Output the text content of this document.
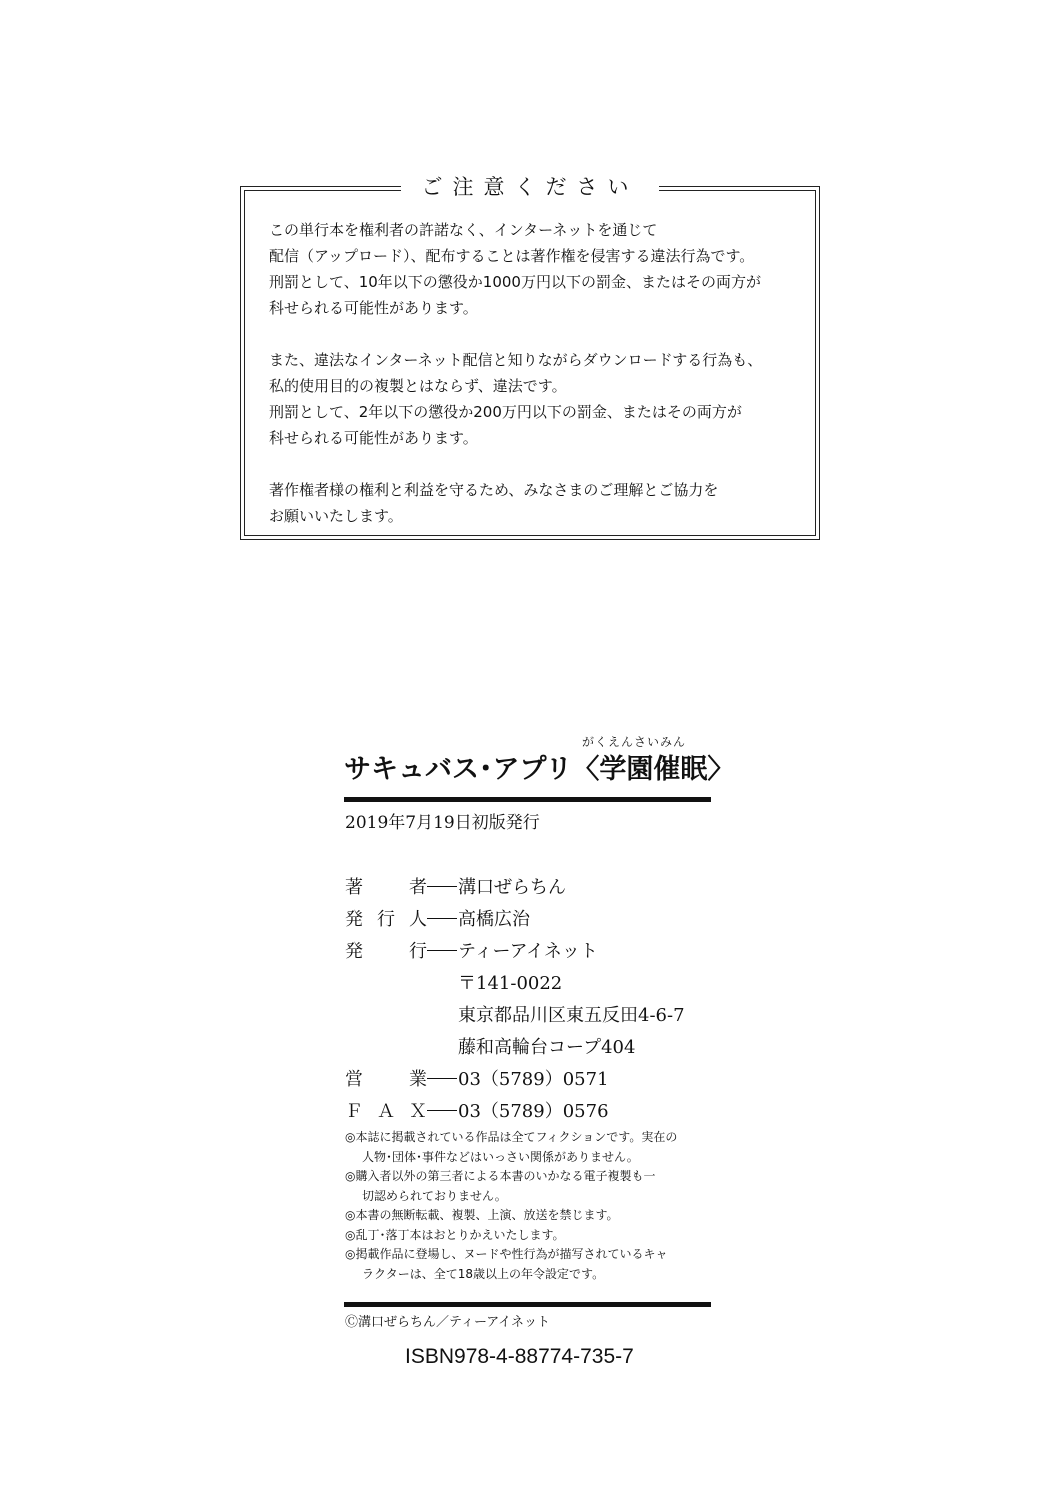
ご注意ください

この単行本を権利者の許諾なく、インターネットを通じて
配信（アップロード）、配布することは著作権を侵害する違法行為です。
刑罰として、10年以下の懲役か1000万円以下の罰金、またはその両方が
科せられる可能性があります。

また、違法なインターネット配信と知りながらダウンロードする行為も、
私的使用目的の複製とはならず、違法です。
刑罰として、2年以下の懲役か200万円以下の罰金、またはその両方が
科せられる可能性があります。

著作権者様の権利と利益を守るため、みなさまのご理解とご協力を
お願いいたします。

がくえんさいみん
サキュバス･アプリ〈学園催眠〉
2019年7月19日初版発行
著　者 溝口ぜらちん
発行人 高橋広治
発　行 ティーアイネット
〒141-0022
東京都品川区東五反田4-6-7
藤和高輪台コープ404
営　業 03（5789）0571
ＦＡＸ 03（5789）0576
◎本誌に掲載されている作品は全てフィクションです。実在の
人物･団体･事件などはいっさい関係がありません。
◎購入者以外の第三者による本書のいかなる電子複製も一
切認められておりません。
◎本書の無断転載、複製、上演、放送を禁じます。
◎乱丁･落丁本はおとりかえいたします。
◎掲載作品に登場し、ヌードや性行為が描写されているキャ
ラクターは、全て18歳以上の年令設定です。
Ⓒ溝口ぜらちん／ティーアイネット
ISBN978-4-88774-735-7
